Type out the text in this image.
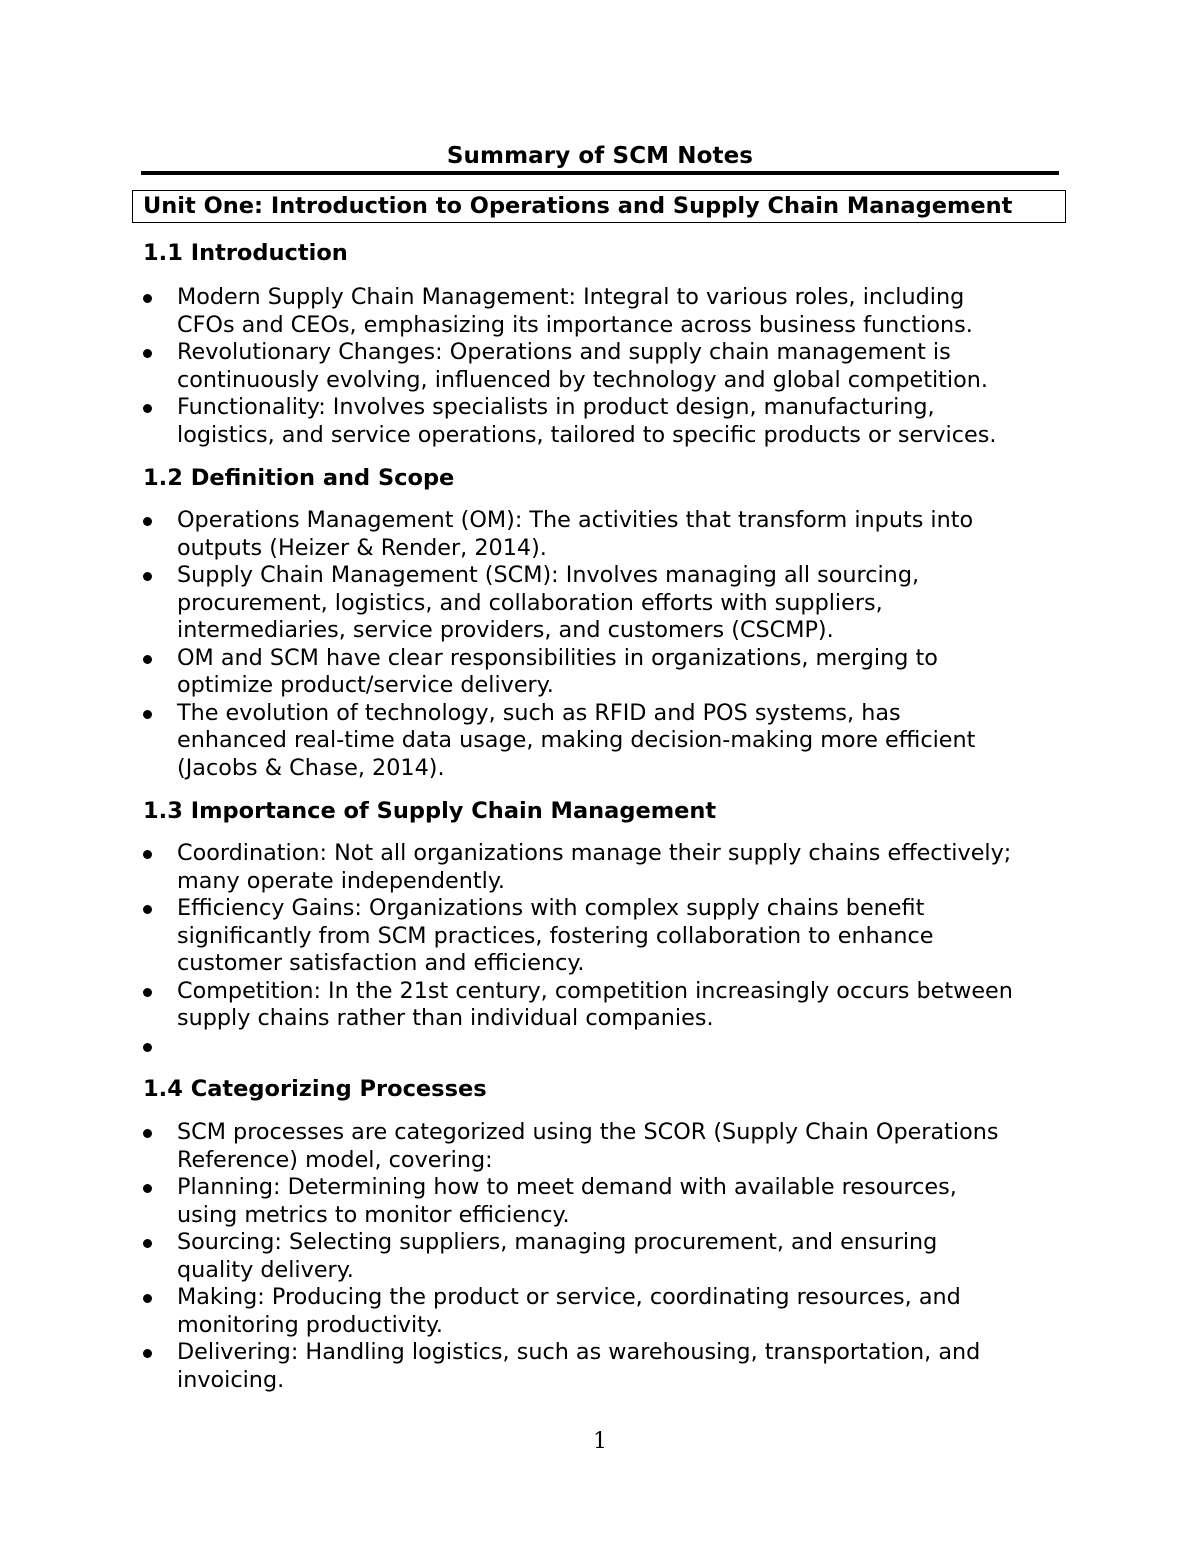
Summary of SCM Notes
Unit One: Introduction to Operations and Supply Chain Management
1.1 Introduction
Modern Supply Chain Management: Integral to various roles, including
CFOs and CEOs, emphasizing its importance across business functions.
Revolutionary Changes: Operations and supply chain management is
continuously evolving, influenced by technology and global competition.
Functionality: Involves specialists in product design, manufacturing,
logistics, and service operations, tailored to specific products or services.
1.2 Definition and Scope
Operations Management (OM): The activities that transform inputs into
outputs (Heizer & Render, 2014).
Supply Chain Management (SCM): Involves managing all sourcing,
procurement, logistics, and collaboration efforts with suppliers,
intermediaries, service providers, and customers (CSCMP).
OM and SCM have clear responsibilities in organizations, merging to
optimize product/service delivery.
The evolution of technology, such as RFID and POS systems, has
enhanced real-time data usage, making decision-making more efficient
(Jacobs & Chase, 2014).
1.3 Importance of Supply Chain Management
Coordination: Not all organizations manage their supply chains effectively;
many operate independently.
Efficiency Gains: Organizations with complex supply chains benefit
significantly from SCM practices, fostering collaboration to enhance
customer satisfaction and efficiency.
Competition: In the 21st century, competition increasingly occurs between
supply chains rather than individual companies.
1.4 Categorizing Processes
SCM processes are categorized using the SCOR (Supply Chain Operations
Reference) model, covering:
Planning: Determining how to meet demand with available resources,
using metrics to monitor efficiency.
Sourcing: Selecting suppliers, managing procurement, and ensuring
quality delivery.
Making: Producing the product or service, coordinating resources, and
monitoring productivity.
Delivering: Handling logistics, such as warehousing, transportation, and
invoicing.
1
